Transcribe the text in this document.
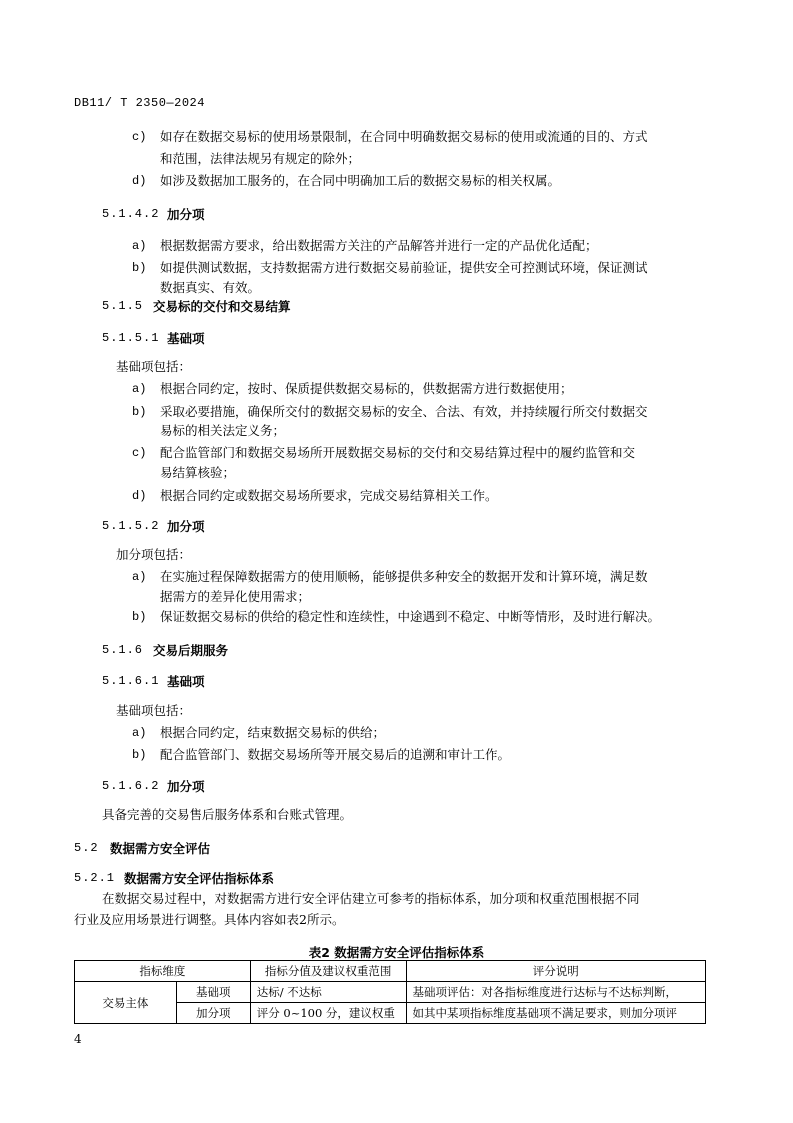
DB11/ T 2350—2024
c) 如存在数据交易标的使用场景限制，在合同中明确数据交易标的使用或流通的目的、方式
和范围，法律法规另有规定的除外；
d) 如涉及数据加工服务的，在合同中明确加工后的数据交易标的相关权属。
5.1.4.2 加分项
a) 根据数据需方要求，给出数据需方关注的产品解答并进行一定的产品优化适配；
b) 如提供测试数据，支持数据需方进行数据交易前验证，提供安全可控测试环境，保证测试
数据真实、有效。
5.1.5 交易标的交付和交易结算
5.1.5.1 基础项
基础项包括：
a) 根据合同约定，按时、保质提供数据交易标的，供数据需方进行数据使用；
b) 采取必要措施，确保所交付的数据交易标的安全、合法、有效，并持续履行所交付数据交
易标的相关法定义务；
c) 配合监管部门和数据交易场所开展数据交易标的交付和交易结算过程中的履约监管和交
易结算核验；
d) 根据合同约定或数据交易场所要求，完成交易结算相关工作。
5.1.5.2 加分项
加分项包括：
a) 在实施过程保障数据需方的使用顺畅，能够提供多种安全的数据开发和计算环境，满足数
据需方的差异化使用需求；
b) 保证数据交易标的供给的稳定性和连续性，中途遇到不稳定、中断等情形，及时进行解决。
5.1.6 交易后期服务
5.1.6.1 基础项
基础项包括：
a) 根据合同约定，结束数据交易标的供给；
b) 配合监管部门、数据交易场所等开展交易后的追溯和审计工作。
5.1.6.2 加分项
具备完善的交易售后服务体系和台账式管理。
5.2 数据需方安全评估
5.2.1 数据需方安全评估指标体系
在数据交易过程中，对数据需方进行安全评估建立可参考的指标体系，加分项和权重范围根据不同
行业及应用场景进行调整。具体内容如表2所示。
表2 数据需方安全评估指标体系
指标维度		指标分值及建议权重范围	评分说明
交易主体	基础项	达标/ 不达标	基础项评估：对各指标维度进行达标与不达标判断，
	加分项	评分 0~100 分，建议权重	如其中某项指标维度基础项不满足要求，则加分项评
4
